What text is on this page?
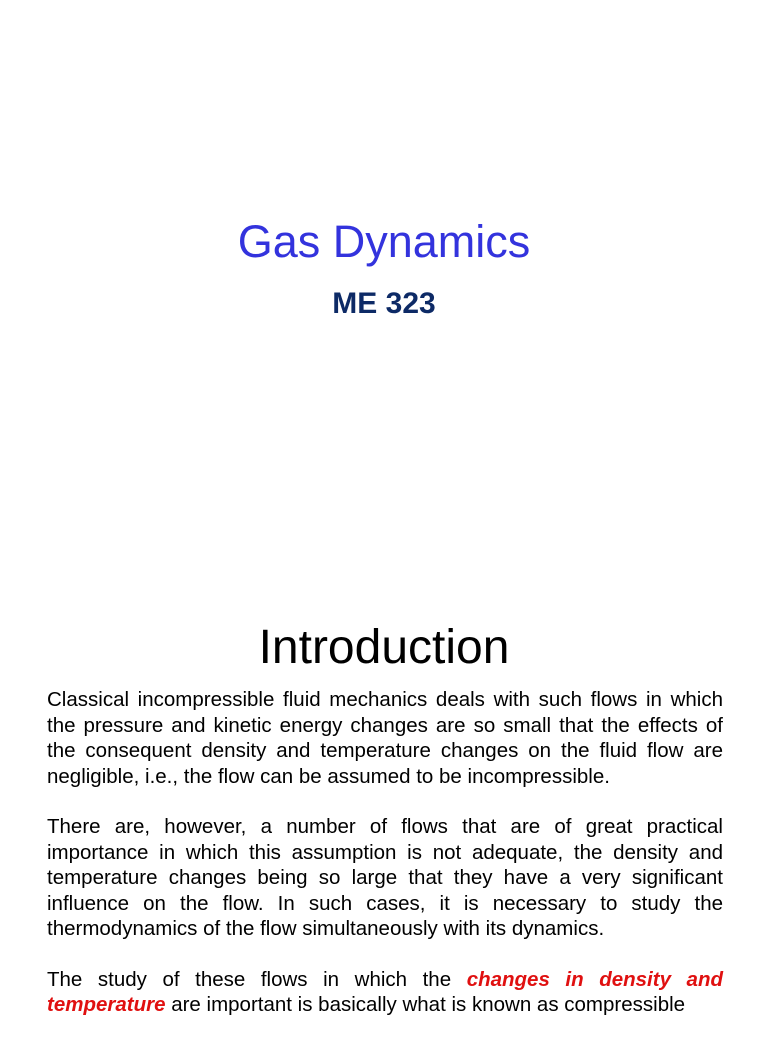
Gas Dynamics
ME 323
Introduction

Classical incompressible fluid mechanics deals with such flows in which the pressure and kinetic energy changes are so small that the effects of the consequent density and temperature changes on the fluid flow are negligible, i.e., the flow can be assumed to be incompressible.

There are, however, a number of flows that are of great practical importance in which this assumption is not adequate, the density and temperature changes being so large that they have a very significant influence on the flow. In such cases, it is necessary to study the thermodynamics of the flow simultaneously with its dynamics.

The study of these flows in which the changes in density and temperature are important is basically what is known as compressible
